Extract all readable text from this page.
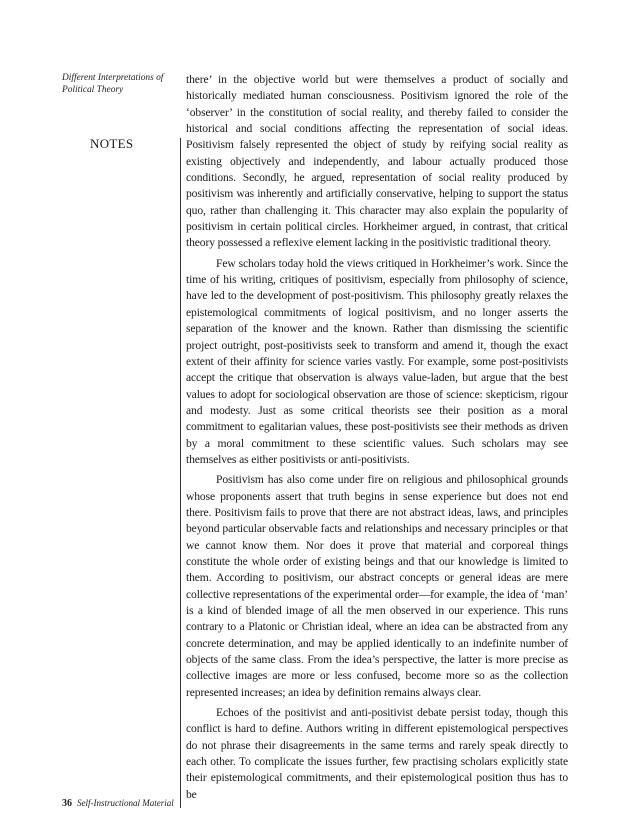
Different Interpretations of Political Theory
NOTES

there’ in the objective world but were themselves a product of socially and historically mediated human consciousness. Positivism ignored the role of the ‘observer’ in the constitution of social reality, and thereby failed to consider the historical and social conditions affecting the representation of social ideas. Positivism falsely represented the object of study by reifying social reality as existing objectively and independently, and labour actually produced those conditions. Secondly, he argued, representation of social reality produced by positivism was inherently and artificially conservative, helping to support the status quo, rather than challenging it. This character may also explain the popularity of positivism in certain political circles. Horkheimer argued, in contrast, that critical theory possessed a reflexive element lacking in the positivistic traditional theory.

Few scholars today hold the views critiqued in Horkheimer’s work. Since the time of his writing, critiques of positivism, especially from philosophy of science, have led to the development of post-positivism. This philosophy greatly relaxes the epistemological commitments of logical positivism, and no longer asserts the separation of the knower and the known. Rather than dismissing the scientific project outright, post-positivists seek to transform and amend it, though the exact extent of their affinity for science varies vastly. For example, some post-positivists accept the critique that observation is always value-laden, but argue that the best values to adopt for sociological observation are those of science: skepticism, rigour and modesty. Just as some critical theorists see their position as a moral commitment to egalitarian values, these post-positivists see their methods as driven by a moral commitment to these scientific values. Such scholars may see themselves as either positivists or anti-positivists.

Positivism has also come under fire on religious and philosophical grounds whose proponents assert that truth begins in sense experience but does not end there. Positivism fails to prove that there are not abstract ideas, laws, and principles beyond particular observable facts and relationships and necessary principles or that we cannot know them. Nor does it prove that material and corporeal things constitute the whole order of existing beings and that our knowledge is limited to them. According to positivism, our abstract concepts or general ideas are mere collective representations of the experimental order—for example, the idea of ‘man’ is a kind of blended image of all the men observed in our experience. This runs contrary to a Platonic or Christian ideal, where an idea can be abstracted from any concrete determination, and may be applied identically to an indefinite number of objects of the same class. From the idea’s perspective, the latter is more precise as collective images are more or less confused, become more so as the collection represented increases; an idea by definition remains always clear.

Echoes of the positivist and anti-positivist debate persist today, though this conflict is hard to define. Authors writing in different epistemological perspectives do not phrase their disagreements in the same terms and rarely speak directly to each other. To complicate the issues further, few practising scholars explicitly state their epistemological commitments, and their epistemological position thus has to be

36 Self-Instructional Material
